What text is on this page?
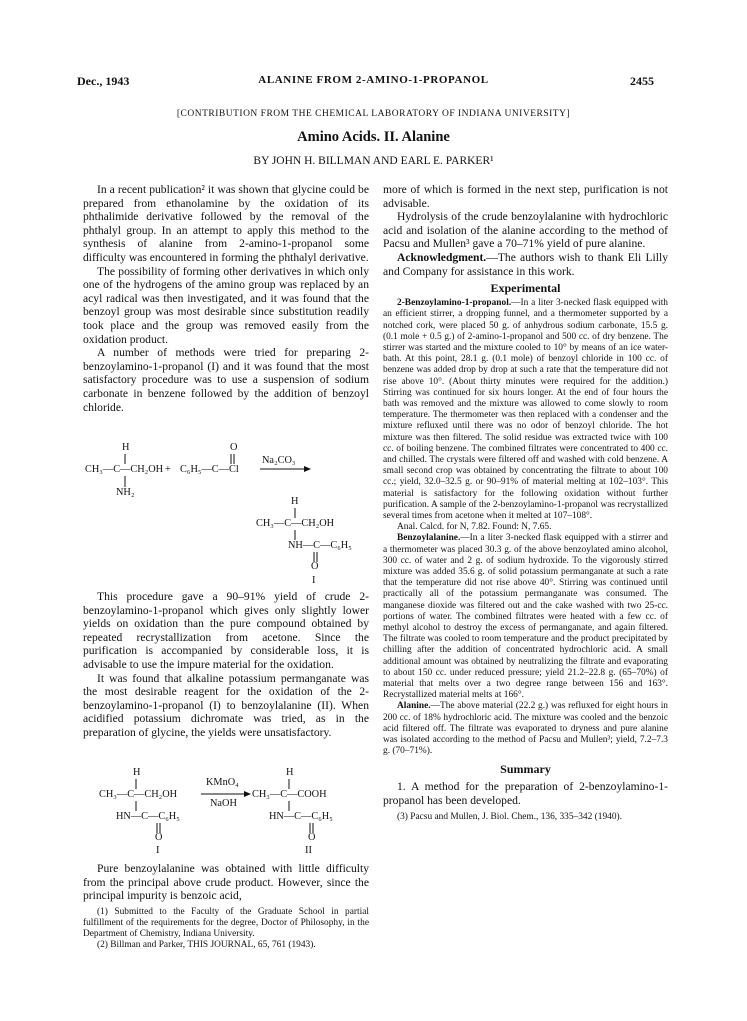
Dec., 1943	ALANINE FROM 2-AMINO-1-PROPANOL	2455
[CONTRIBUTION FROM THE CHEMICAL LABORATORY OF INDIANA UNIVERSITY]
Amino Acids. II. Alanine
BY JOHN H. BILLMAN AND EARL E. PARKER¹

In a recent publication² it was shown that glycine could be prepared from ethanolamine by the oxidation of its phthalimide derivative followed by the removal of the phthalyl group. In an attempt to apply this method to the synthesis of alanine from 2-amino-1-propanol some difficulty was encountered in forming the phthalyl derivative.

The possibility of forming other derivatives in which only one of the hydrogens of the amino group was replaced by an acyl radical was then investigated, and it was found that the benzoyl group was most desirable since substitution readily took place and the group was removed easily from the oxidation product.

A number of methods were tried for preparing 2-benzoylamino-1-propanol (I) and it was found that the most satisfactory procedure was to use a suspension of sodium carbonate in benzene followed by the addition of benzoyl chloride.

H
CH₃—C—CH₂OH
NH₂
+
O
C₆H₅—C—Cl
Na₂CO₃
H
CH₃—C—CH₂OH
NH—C—C₆H₅
O
I

This procedure gave a 90–91% yield of crude 2-benzoylamino-1-propanol which gives only slightly lower yields on oxidation than the pure compound obtained by repeated recrystallization from acetone. Since the purification is accompanied by considerable loss, it is advisable to use the impure material for the oxidation.

It was found that alkaline potassium permanganate was the most desirable reagent for the oxidation of the 2-benzoylamino-1-propanol (I) to benzoylalanine (II). When acidified potassium dichromate was tried, as in the preparation of glycine, the yields were unsatisfactory.

H
CH₃—C—CH₂OH
HN—C—C₆H₅
O
I
KMnO₄
NaOH
H
CH₃—C—COOH
HN—C—C₆H₅
O
II

Pure benzoylalanine was obtained with little difficulty from the principal above crude product. However, since the principal impurity is benzoic acid,

(1) Submitted to the Faculty of the Graduate School in partial fulfillment of the requirements for the degree, Doctor of Philosophy, in the Department of Chemistry, Indiana University.

(2) Billman and Parker, THIS JOURNAL, 65, 761 (1943).

more of which is formed in the next step, purification is not advisable.

Hydrolysis of the crude benzoylalanine with hydrochloric acid and isolation of the alanine according to the method of Pacsu and Mullen³ gave a 70–71% yield of pure alanine.

Acknowledgment.—The authors wish to thank Eli Lilly and Company for assistance in this work.

Experimental

2-Benzoylamino-1-propanol.—In a liter 3-necked flask equipped with an efficient stirrer, a dropping funnel, and a thermometer supported by a notched cork, were placed 50 g. of anhydrous sodium carbonate, 15.5 g. (0.1 mole + 0.5 g.) of 2-amino-1-propanol and 500 cc. of dry benzene. The stirrer was started and the mixture cooled to 10° by means of an ice water-bath. At this point, 28.1 g. (0.1 mole) of benzoyl chloride in 100 cc. of benzene was added drop by drop at such a rate that the temperature did not rise above 10°. (About thirty minutes were required for the addition.) Stirring was continued for six hours longer. At the end of four hours the bath was removed and the mixture was allowed to come slowly to room temperature. The thermometer was then replaced with a condenser and the mixture refluxed until there was no odor of benzoyl chloride. The hot mixture was then filtered. The solid residue was extracted twice with 100 cc. of boiling benzene. The combined filtrates were concentrated to 400 cc. and chilled. The crystals were filtered off and washed with cold benzene. A small second crop was obtained by concentrating the filtrate to about 100 cc.; yield, 32.0–32.5 g. or 90–91% of material melting at 102–103°. This material is satisfactory for the following oxidation without further purification. A sample of the 2-benzoylamino-1-propanol was recrystallized several times from acetone when it melted at 107–108°.

Anal. Calcd. for N, 7.82. Found: N, 7.65.

Benzoylalanine.—In a liter 3-necked flask equipped with a stirrer and a thermometer was placed 30.3 g. of the above benzoylated amino alcohol, 300 cc. of water and 2 g. of sodium hydroxide. To the vigorously stirred mixture was added 35.6 g. of solid potassium permanganate at such a rate that the temperature did not rise above 40°. Stirring was continued until practically all of the potassium permanganate was consumed. The manganese dioxide was filtered out and the cake washed with two 25-cc. portions of water. The combined filtrates were heated with a few cc. of methyl alcohol to destroy the excess of permanganate, and again filtered. The filtrate was cooled to room temperature and the product precipitated by chilling after the addition of concentrated hydrochloric acid. A small additional amount was obtained by neutralizing the filtrate and evaporating to about 150 cc. under reduced pressure; yield 21.2–22.8 g. (65–70%) of material that melts over a two degree range between 156 and 163°. Recrystallized material melts at 166°.

Alanine.—The above material (22.2 g.) was refluxed for eight hours in 200 cc. of 18% hydrochloric acid. The mixture was cooled and the benzoic acid filtered off. The filtrate was evaporated to dryness and pure alanine was isolated according to the method of Pacsu and Mullen³; yield, 7.2–7.3 g. (70–71%).

Summary

1. A method for the preparation of 2-benzoylamino-1-propanol has been developed.

(3) Pacsu and Mullen, J. Biol. Chem., 136, 335–342 (1940).
